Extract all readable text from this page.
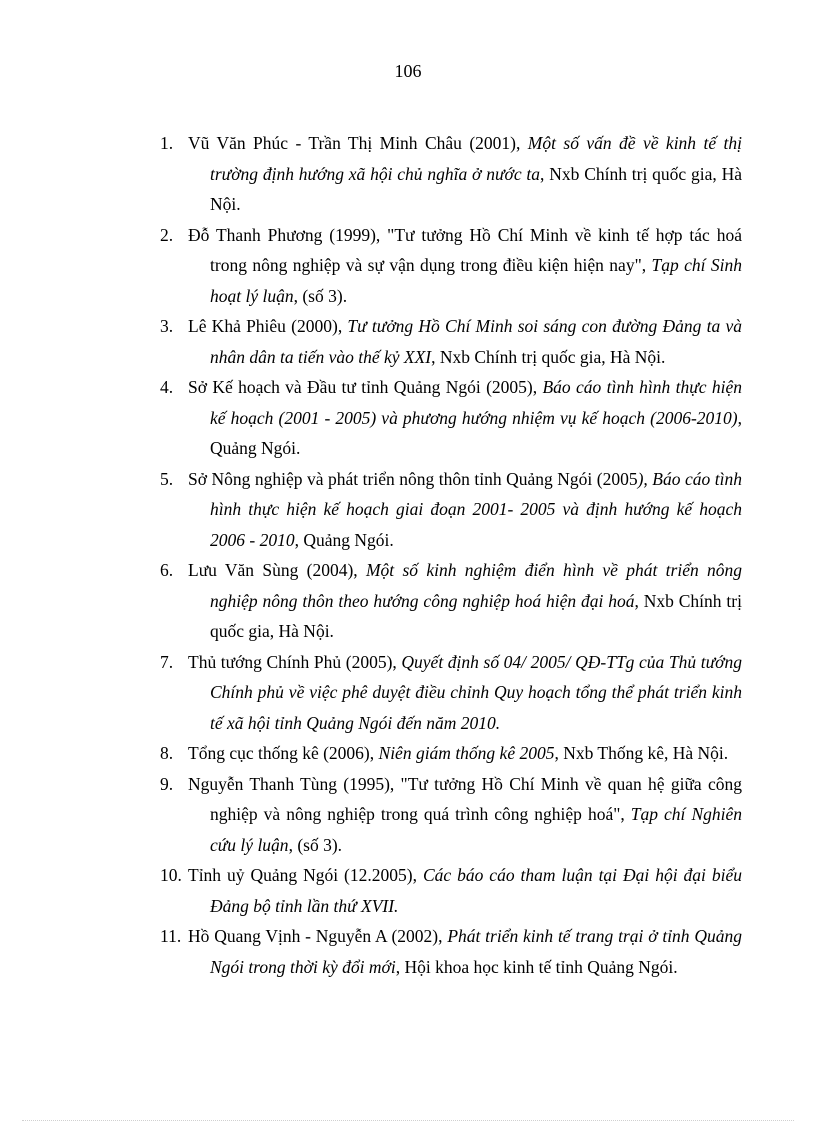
106
1. Vũ Văn Phúc - Trần Thị Minh Châu (2001), Một số vấn đề về kinh tế thị trường định hướng xã hội chủ nghĩa ở nước ta, Nxb Chính trị quốc gia, Hà Nội.
2. Đỗ Thanh Phương (1999), "Tư tưởng Hồ Chí Minh về kinh tế hợp tác hoá trong nông nghiệp và sự vận dụng trong điều kiện hiện nay", Tạp chí Sinh hoạt lý luận, (số 3).
3. Lê Khả Phiêu (2000), Tư tưởng Hồ Chí Minh soi sáng con đường Đảng ta và nhân dân ta tiến vào thế kỷ XXI, Nxb Chính trị quốc gia, Hà Nội.
4. Sở Kế hoạch và Đầu tư tỉnh Quảng Ngói (2005), Báo cáo tình hình thực hiện kế hoạch (2001 - 2005) và phương hướng nhiệm vụ kế hoạch (2006-2010), Quảng Ngói.
5. Sở Nông nghiệp và phát triển nông thôn tỉnh Quảng Ngói (2005), Báo cáo tình hình thực hiện kế hoạch giai đoạn 2001- 2005 và định hướng kế hoạch 2006 - 2010, Quảng Ngói.
6. Lưu Văn Sùng (2004), Một số kinh nghiệm điển hình về phát triển nông nghiệp nông thôn theo hướng công nghiệp hoá hiện đại hoá, Nxb Chính trị quốc gia, Hà Nội.
7. Thủ tướng Chính Phủ (2005), Quyết định số 04/ 2005/ QĐ-TTg của Thủ tướng Chính phủ về việc phê duyệt điều chỉnh Quy hoạch tổng thể phát triển kinh tế xã hội tỉnh Quảng Ngói đến năm 2010.
8. Tổng cục thống kê (2006), Niên giám thống kê 2005, Nxb Thống kê, Hà Nội.
9. Nguyễn Thanh Tùng (1995), "Tư tưởng Hồ Chí Minh về quan hệ giữa công nghiệp và nông nghiệp trong quá trình công nghiệp hoá", Tạp chí Nghiên cứu lý luận, (số 3).
10. Tỉnh uỷ Quảng Ngói (12.2005), Các báo cáo tham luận tại Đại hội đại biểu Đảng bộ tỉnh lần thứ XVII.
11. Hồ Quang Vịnh - Nguyễn A (2002), Phát triển kinh tế trang trại ở tỉnh Quảng Ngói trong thời kỳ đổi mới, Hội khoa học kinh tế tỉnh Quảng Ngói.
